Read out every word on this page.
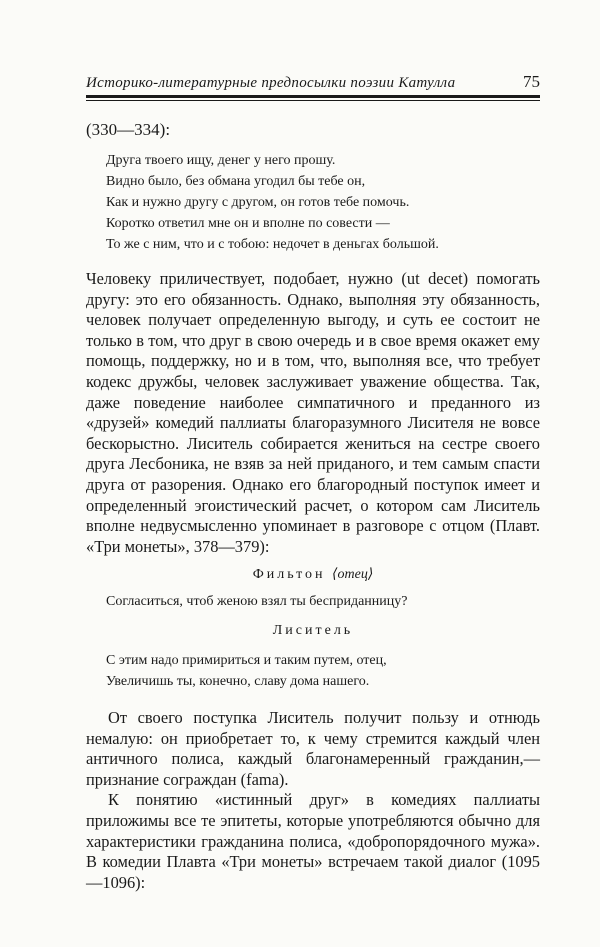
Историко-литературные предпосылки поэзии Катулла	75
(330—334):
Друга твоего ищу, денег у него прошу.
Видно было, без обмана угодил бы тебе он,
Как и нужно другу с другом, он готов тебе помочь.
Коротко ответил мне он и вполне по совести —
То же с ним, что и с тобою: недочет в деньгах большой.

Человеку приличествует, подобает, нужно (ut decet) помогать другу: это его обязанность. Однако, выполняя эту обязанность, человек получает определенную выгоду, и суть ее состоит не только в том, что друг в свою очередь и в свое время окажет ему помощь, поддержку, но и в том, что, выполняя все, что требует кодекс дружбы, человек заслуживает уважение общества. Так, даже поведение наиболее симпатичного и преданного из «друзей» комедий паллиаты благоразумного Лисителя не вовсе бескорыстно. Лиситель собирается жениться на сестре своего друга Лесбоника, не взяв за ней приданого, и тем самым спасти друга от разорения. Однако его благородный поступок имеет и определенный эгоистический расчет, о котором сам Лиситель вполне недвусмысленно упоминает в разговоре с отцом (Плавт. «Три монеты», 378—379):

Фильтон ⟨отец⟩
Согласиться, чтоб женою взял ты бесприданницу?
Лиситель
С этим надо примириться и таким путем, отец,
Увеличишь ты, конечно, славу дома нашего.

От своего поступка Лиситель получит пользу и отнюдь немалую: он приобретает то, к чему стремится каждый член античного полиса, каждый благонамеренный гражданин,— признание сограждан (fama).

К понятию «истинный друг» в комедиях паллиаты приложимы все те эпитеты, которые употребляются обычно для характеристики гражданина полиса, «добропорядочного мужа». В комедии Плавта «Три монеты» встречаем такой диалог (1095—1096):
